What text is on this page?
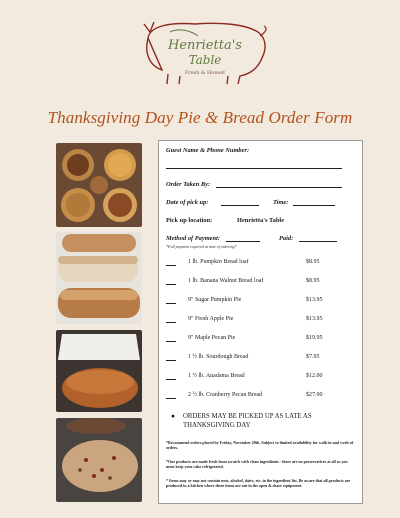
Henrietta's
Table
Fresh & Honest
Thanksgiving Day Pie & Bread Order Form
Guest Name & Phone Number:
Order Taken By:
Date of pick up:	Time:
Pick up location:	Henrietta's Table
Method of Payment:	Paid:
*Full payment required at time of ordering*
1 lb. Pumpkin Bread loaf	$8.95
1 lb. Banana Walnut Bread loaf	$8.95
9" Sugar Pumpkin Pie	$13.95
9" Fresh Apple Pie	$13.95
9" Maple Pecan Pie	$19.95
1 ½ lb. Sourdough Bread	$7.95
1 ½ lb. Anadama Bread	$12.00
2 ½ lb. Cranberry Pecan Bread	$27.00
● ORDERS MAY BE PICKED UP AS LATE AS THANKSGIVING DAY
*Recommend orders placed by Friday, November 20th. Subject to limited availability for walk-in and week-of orders.
*Our products are made fresh from scratch with clean ingredients - there are no preservatives at all so you must keep your cake refrigerated.
* Items may or may not contain nuts, alcohol, dairy, etc. in the ingredient list. Be aware that all products are produced in a kitchen where these items are out in the open & share equipment.
